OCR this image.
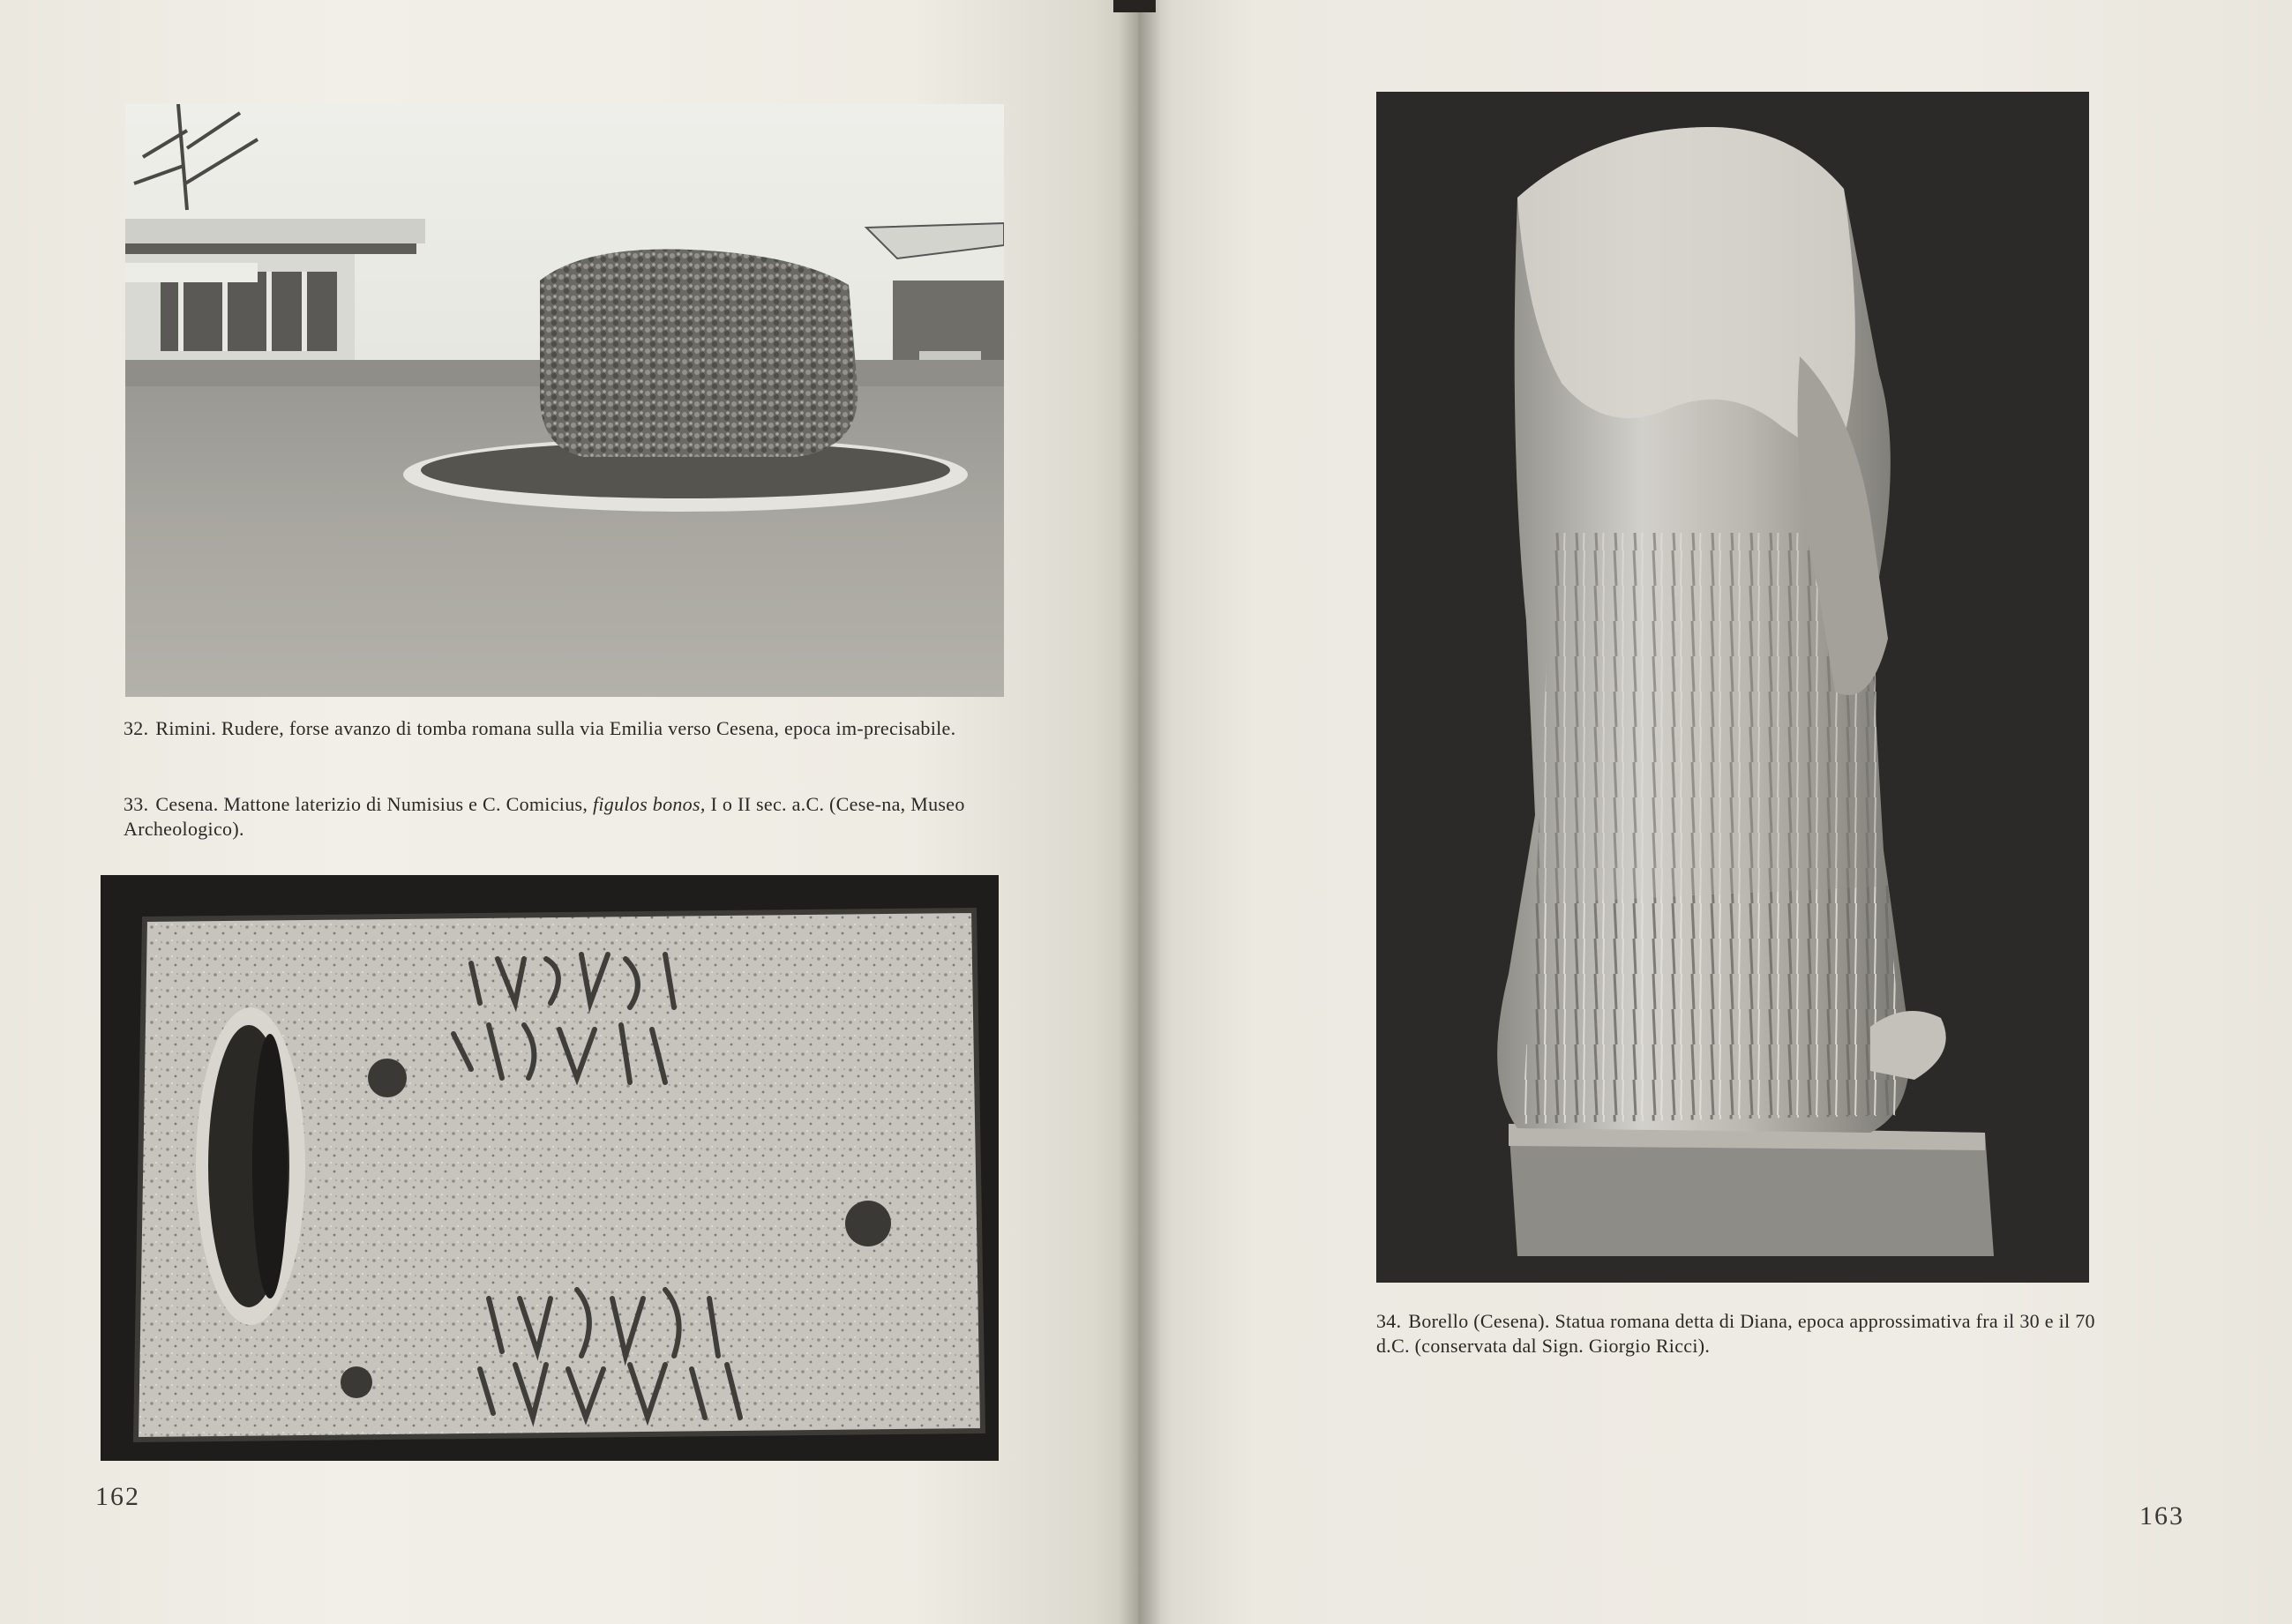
32. Rimini. Rudere, forse avanzo di tomba romana sulla via Emilia verso Cesena, epoca im-precisabile.

33. Cesena. Mattone laterizio di Numisius e C. Comicius, figulos bonos, I o II sec. a.C. (Cese-na, Museo Archeologico).

162

34. Borello (Cesena). Statua romana detta di Diana, epoca approssimativa fra il 30 e il 70 d.C. (conservata dal Sign. Giorgio Ricci).

163
